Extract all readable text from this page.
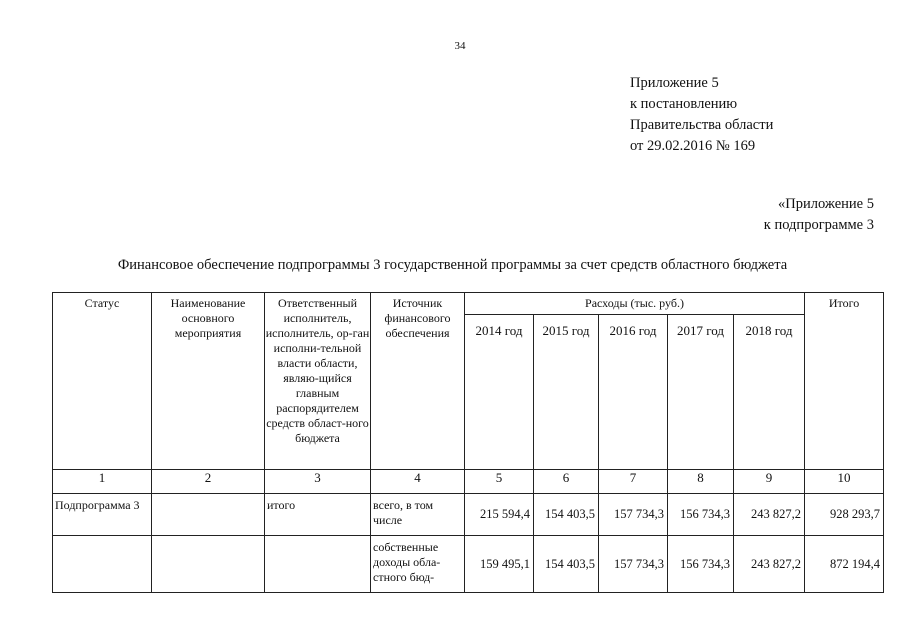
34
Приложение 5
к постановлению
Правительства области
от 29.02.2016 № 169
«Приложение 5
к подпрограмме 3
Финансовое обеспечение подпрограммы 3 государственной программы за счет средств областного бюджета
Статус	Наименование основного мероприятия	Ответственный исполнитель, исполнитель, ор-ган исполни-тельной власти области, являю-щийся главным распорядителем средств област-ного бюджета	Источник финансового обеспечения	Расходы (тыс. руб.)					Итого
				2014 год	2015 год	2016 год	2017 год	2018 год	
1	2	3	4	5	6	7	8	9	10
Подпрограмма 3		итого	всего, в том числе	215 594,4	154 403,5	157 734,3	156 734,3	243 827,2	928 293,7
			собственные доходы обла-стного бюд-	159 495,1	154 403,5	157 734,3	156 734,3	243 827,2	872 194,4
